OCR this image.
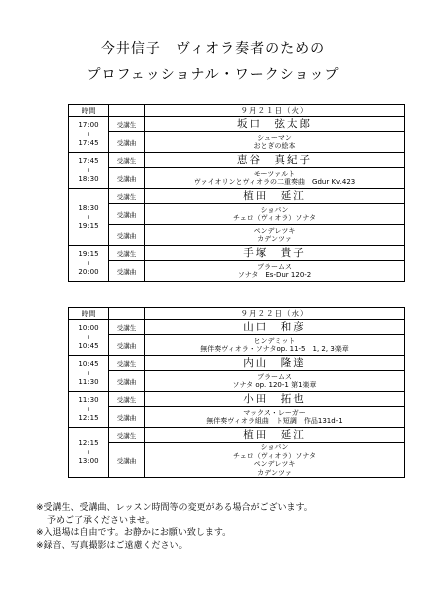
今井信子　ヴィオラ奏者のための
プロフェッショナル・ワークショップ
時間		９月２１日（火）
17:00
≀
17:45	受講生	坂口　弦太郎
	受講曲	シューマン
おとぎの絵本

17:45
≀
18:30	受講生	恵谷　真紀子
	受講曲	モーツァルト
ヴァイオリンとヴィオラの二重奏曲　Gdur Kv.423

18:30
≀
19:15	受講生	植田　延江
	受講曲	ショパン
チェロ（ヴィオラ）ソナタ

	受講曲	ペンデレツキ
カデンツァ

19:15
≀
20:00	受講生	手塚　貴子
	受講曲	ブラームス
ソナタ　Es-Dur 120-2
時間		９月２２日（水）
10:00
≀
10:45	受講生	山口　和彦
	受講曲	ヒンデミット
無伴奏ヴィオラ・ソナタop. 11-5　1, 2, 3楽章

10:45
≀
11:30	受講生	内山　隆達
	受講曲	ブラームス
ソナタ op. 120-1 第1楽章

11:30
≀
12:15	受講生	小田　拓也
	受講曲	マックス・レーガー
無伴奏ヴィオラ組曲　ト短調　作品131d-1

12:15
≀
13:00	受講生	植田　延江
	受講曲	ショパン
チェロ（ヴィオラ）ソナタ
ペンデレツキ
カデンツァ
※受講生、受講曲、レッスン時間等の変更がある場合がございます。
予めご了承くださいませ。
※入退場は自由です。お静かにお願い致します。
※録音、写真撮影はご遠慮ください。
